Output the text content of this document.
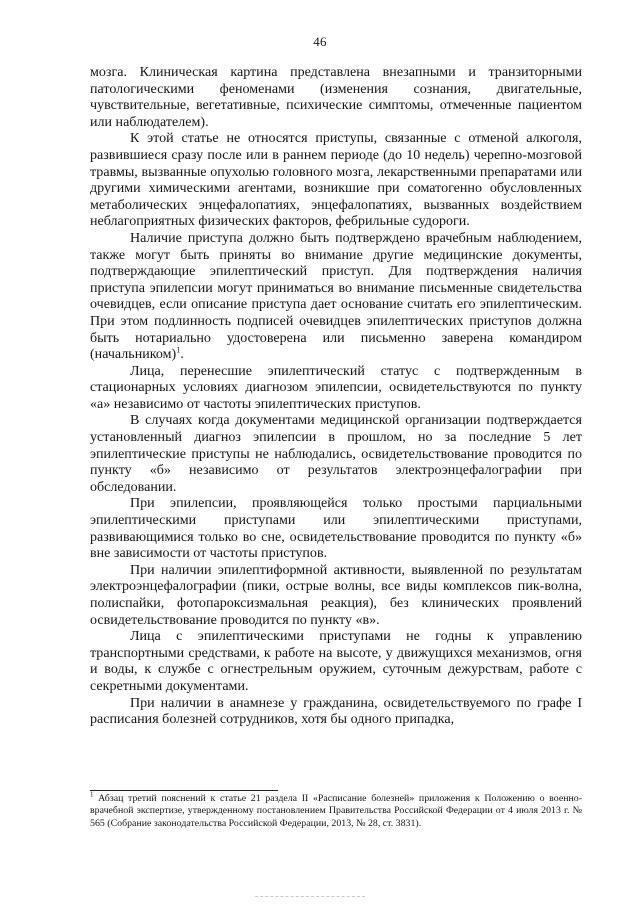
46

мозга. Клиническая картина представлена внезапными и транзиторными патологическими феноменами (изменения сознания, двигательные, чувствительные, вегетативные, психические симптомы, отмеченные пациентом или наблюдателем).

К этой статье не относятся приступы, связанные с отменой алкоголя, развившиеся сразу после или в раннем периоде (до 10 недель) черепно-мозговой травмы, вызванные опухолью головного мозга, лекарственными препаратами или другими химическими агентами, возникшие при соматогенно обусловленных метаболических энцефалопатиях, энцефалопатиях, вызванных воздействием неблагоприятных физических факторов, фебрильные судороги.

Наличие приступа должно быть подтверждено врачебным наблюдением, также могут быть приняты во внимание другие медицинские документы, подтверждающие эпилептический приступ. Для подтверждения наличия приступа эпилепсии могут приниматься во внимание письменные свидетельства очевидцев, если описание приступа дает основание считать его эпилептическим. При этом подлинность подписей очевидцев эпилептических приступов должна быть нотариально удостоверена или письменно заверена командиром (начальником)$^1$.

Лица, перенесшие эпилептический статус с подтвержденным в стационарных условиях диагнозом эпилепсии, освидетельствуются по пункту «а» независимо от частоты эпилептических приступов.

В случаях когда документами медицинской организации подтверждается установленный диагноз эпилепсии в прошлом, но за последние 5 лет эпилептические приступы не наблюдались, освидетельствование проводится по пункту «б» независимо от результатов электроэнцефалографии при обследовании.

При эпилепсии, проявляющейся только простыми парциальными эпилептическими приступами или эпилептическими приступами, развивающимися только во сне, освидетельствование проводится по пункту «б» вне зависимости от частоты приступов.

При наличии эпилептиформной активности, выявленной по результатам электроэнцефалографии (пики, острые волны, все виды комплексов пик-волна, полиспайки, фотопароксизмальная реакция), без клинических проявлений освидетельствование проводится по пункту «в».

Лица с эпилептическими приступами не годны к управлению транспортными средствами, к работе на высоте, у движущихся механизмов, огня и воды, к службе с огнестрельным оружием, суточным дежурствам, работе с секретными документами.

При наличии в анамнезе у гражданина, освидетельствуемого по графе I расписания болезней сотрудников, хотя бы одного припадка,

$^1$ Абзац третий пояснений к статье 21 раздела II «Расписание болезней» приложения к Положению о военно-врачебной экспертизе, утвержденному постановлением Правительства Российской Федерации от 4 июля 2013 г. № 565 (Собрание законодательства Российской Федерации, 2013, № 28, ст. 3831).
